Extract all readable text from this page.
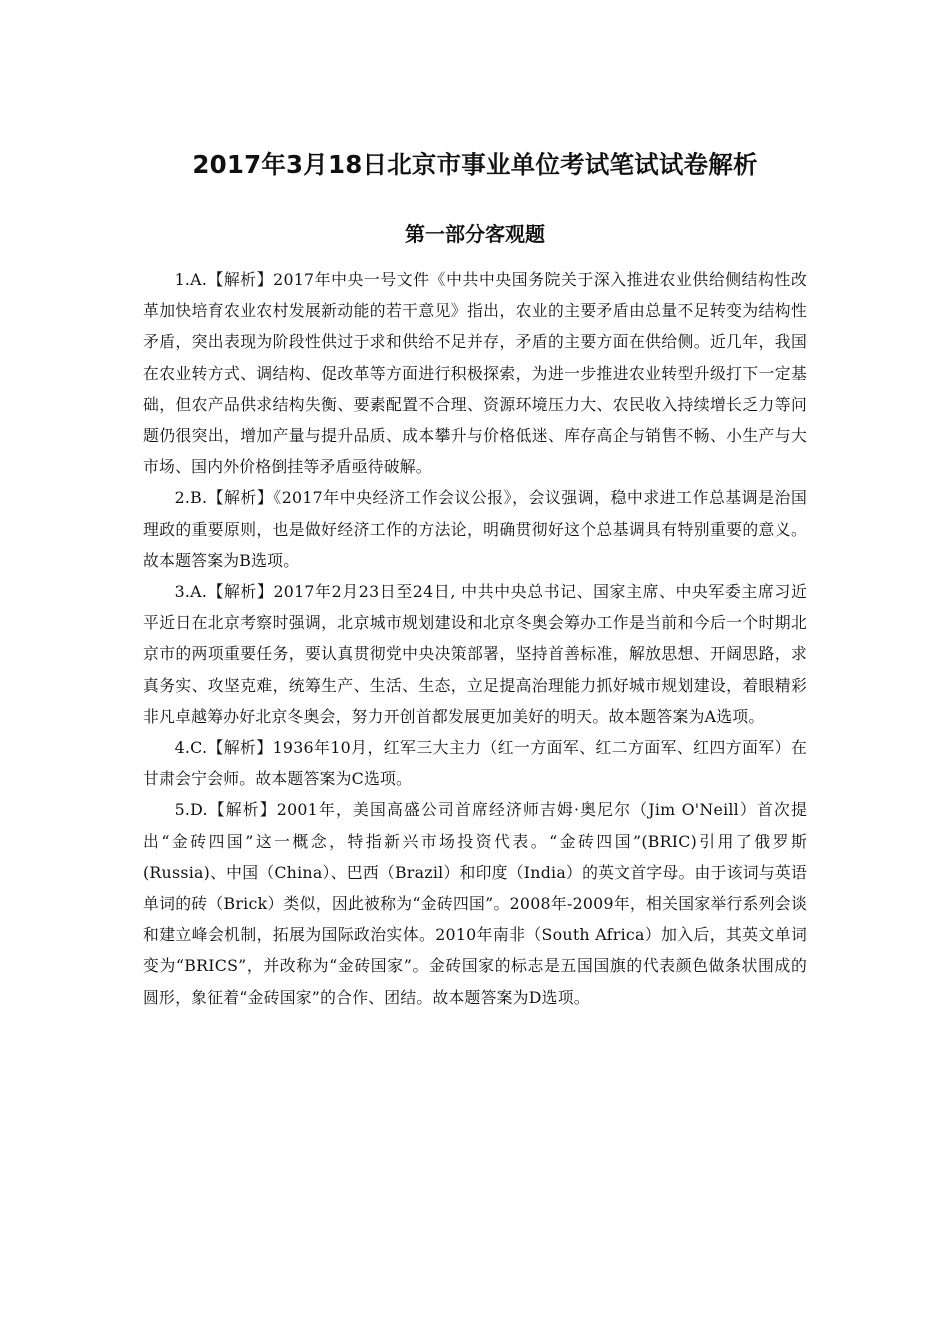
2017年3月18日北京市事业单位考试笔试试卷解析
第一部分客观题

1.A.【解析】2017年中央一号文件《中共中央国务院关于深入推进农业供给侧结构性改革加快培育农业农村发展新动能的若干意见》指出，农业的主要矛盾由总量不足转变为结构性矛盾，突出表现为阶段性供过于求和供给不足并存，矛盾的主要方面在供给侧。近几年，我国在农业转方式、调结构、促改革等方面进行积极探索，为进一步推进农业转型升级打下一定基础，但农产品供求结构失衡、要素配置不合理、资源环境压力大、农民收入持续增长乏力等问题仍很突出，增加产量与提升品质、成本攀升与价格低迷、库存高企与销售不畅、小生产与大市场、国内外价格倒挂等矛盾亟待破解。

2.B.【解析】《2017年中央经济工作会议公报》，会议强调，稳中求进工作总基调是治国理政的重要原则，也是做好经济工作的方法论，明确贯彻好这个总基调具有特别重要的意义。故本题答案为B选项。

3.A.【解析】2017年2月23日至24日, 中共中央总书记、国家主席、中央军委主席习近平近日在北京考察时强调，北京城市规划建设和北京冬奥会筹办工作是当前和今后一个时期北京市的两项重要任务，要认真贯彻党中央决策部署，坚持首善标准，解放思想、开阔思路，求真务实、攻坚克难，统筹生产、生活、生态，立足提高治理能力抓好城市规划建设，着眼精彩非凡卓越筹办好北京冬奥会，努力开创首都发展更加美好的明天。故本题答案为A选项。

4.C.【解析】1936年10月，红军三大主力（红一方面军、红二方面军、红四方面军）在甘肃会宁会师。故本题答案为C选项。

5.D.【解析】2001年，美国高盛公司首席经济师吉姆·奥尼尔（Jim O'Neill）首次提出“金砖四国”这一概念，特指新兴市场投资代表。“金砖四国”(BRIC)引用了俄罗斯(Russia)、中国（China）、巴西（Brazil）和印度（India）的英文首字母。由于该词与英语单词的砖（Brick）类似，因此被称为“金砖四国”。2008年-2009年，相关国家举行系列会谈和建立峰会机制，拓展为国际政治实体。2010年南非（South Africa）加入后，其英文单词变为“BRICS”，并改称为“金砖国家”。金砖国家的标志是五国国旗的代表颜色做条状围成的圆形，象征着“金砖国家”的合作、团结。故本题答案为D选项。
